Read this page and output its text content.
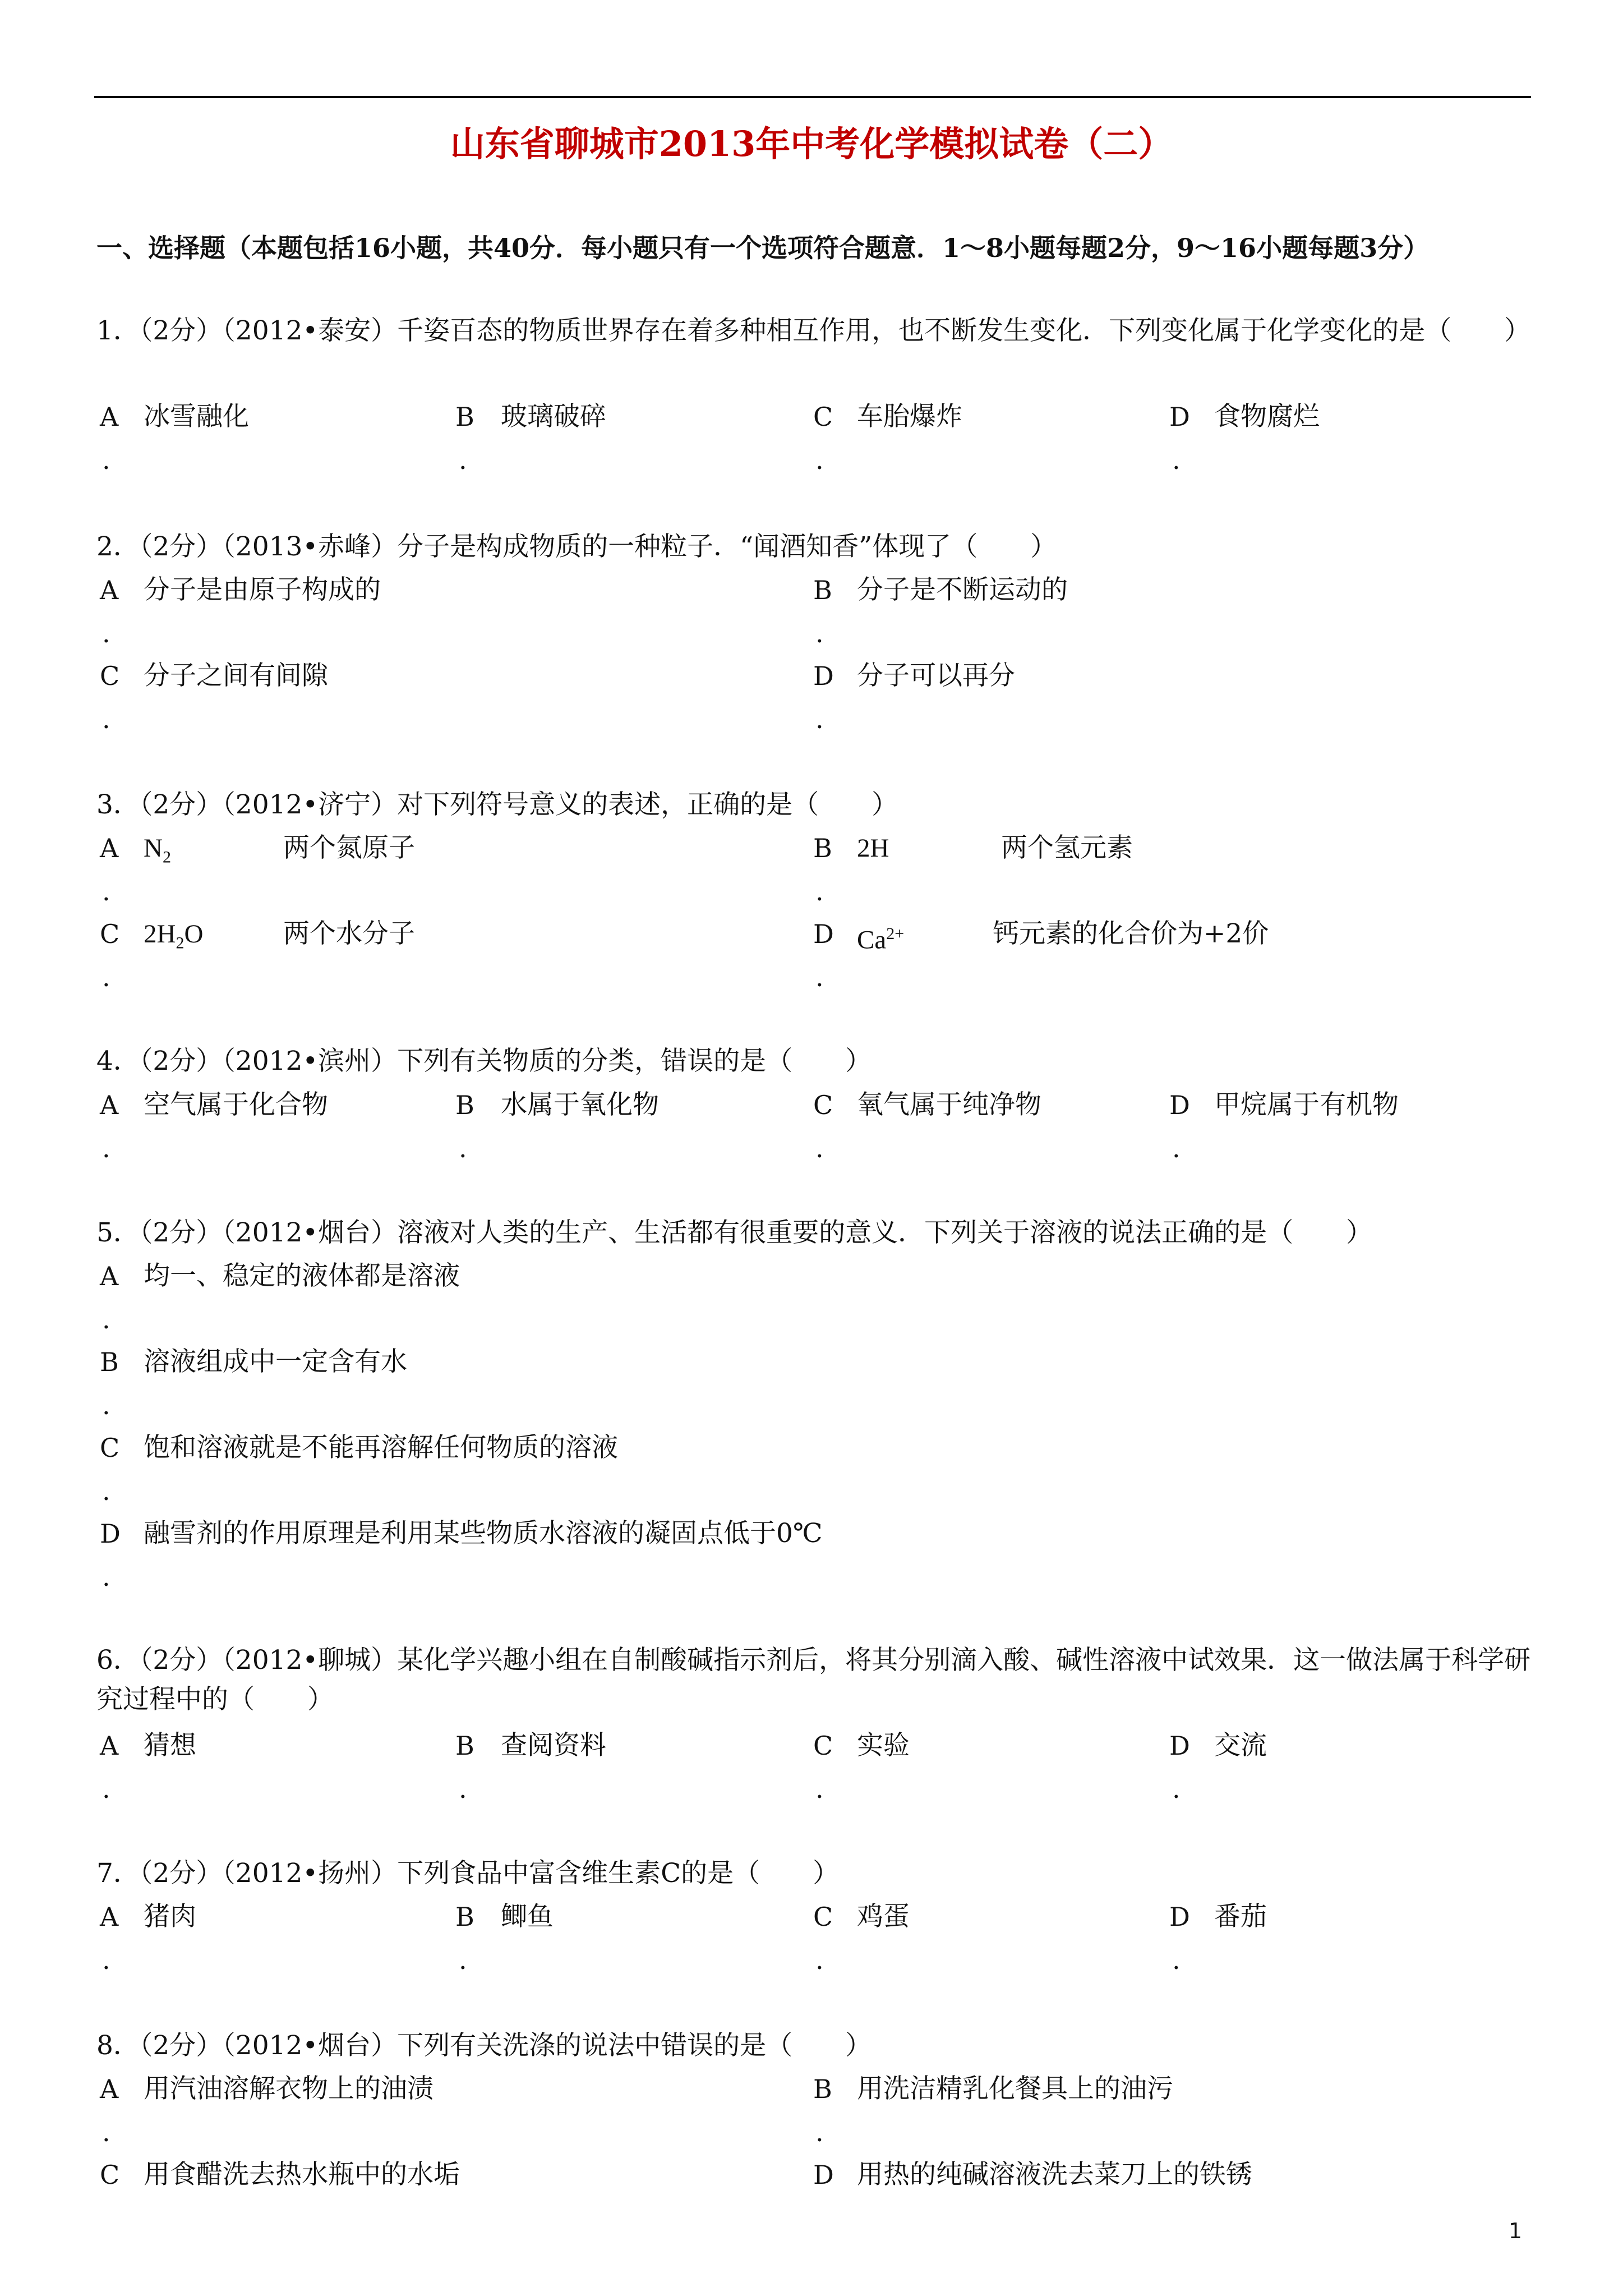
山东省聊城市2013年中考化学模拟试卷（二）
一、选择题（本题包括16小题，共40分．每小题只有一个选项符合题意．1～8小题每题2分，9～16小题每题3分）
1．（2分）（2012•泰安）千姿百态的物质世界存在着多种相互作用，也不断发生变化．下列变化属于化学变化的是（　　）
A 冰雪融化
.
B 玻璃破碎
.
C 车胎爆炸
.
D 食物腐烂
.
2．（2分）（2013•赤峰）分子是构成物质的一种粒子．“闻酒知香”体现了（　　）
A 分子是由原子构成的
.
B 分子是不断运动的
.
C 分子之间有间隙
.
D 分子可以再分
.
3．（2分）（2012•济宁）对下列符号意义的表述，正确的是（　　）
A $N_2$	两个氮原子
.
B 2H	两个氢元素
.
C $2H_2O$	两个水分子
.
D $Ca^{2+}$	钙元素的化合价为+2价
.
4．（2分）（2012•滨州）下列有关物质的分类，错误的是（　　）
A 空气属于化合物
.
B 水属于氧化物
.
C 氧气属于纯净物
.
D 甲烷属于有机物
.
5．（2分）（2012•烟台）溶液对人类的生产、生活都有很重要的意义．下列关于溶液的说法正确的是（　　）
A 均一、稳定的液体都是溶液
.
B 溶液组成中一定含有水
.
C 饱和溶液就是不能再溶解任何物质的溶液
.
D 融雪剂的作用原理是利用某些物质水溶液的凝固点低于0℃
.
6．（2分）（2012•聊城）某化学兴趣小组在自制酸碱指示剂后，将其分别滴入酸、碱性溶液中试效果．这一做法属于科学研究过程中的（　　）
A 猜想
.
B 查阅资料
.
C 实验
.
D 交流
.
7．（2分）（2012•扬州）下列食品中富含维生素C的是（　　）
A 猪肉
.
B 鲫鱼
.
C 鸡蛋
.
D 番茄
.
8．（2分）（2012•烟台）下列有关洗涤的说法中错误的是（　　）
A 用汽油溶解衣物上的油渍
.
B 用洗洁精乳化餐具上的油污
.
C 用食醋洗去热水瓶中的水垢	D 用热的纯碱溶液洗去菜刀上的铁锈
1
